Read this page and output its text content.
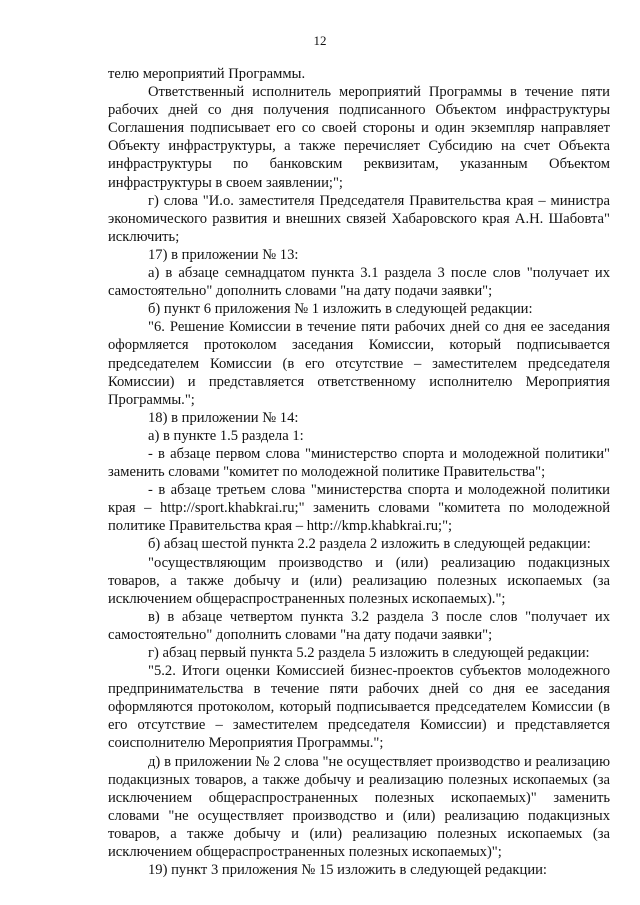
12

телю мероприятий Программы.

Ответственный исполнитель мероприятий Программы в течение пяти рабочих дней со дня получения подписанного Объектом инфраструктуры Соглашения подписывает его со своей стороны и один экземпляр направляет Объекту инфраструктуры, а также перечисляет Субсидию на счет Объекта инфраструктуры по банковским реквизитам, указанным Объектом инфраструктуры в своем заявлении;";

г) слова "И.о. заместителя Председателя Правительства края – министра экономического развития и внешних связей Хабаровского края А.Н. Шабовта" исключить;

17) в приложении № 13:

а) в абзаце семнадцатом пункта 3.1 раздела 3 после слов "получает их самостоятельно" дополнить словами "на дату подачи заявки";

б) пункт 6 приложения № 1 изложить в следующей редакции:

"6. Решение Комиссии в течение пяти рабочих дней со дня ее заседания оформляется протоколом заседания Комиссии, который подписывается председателем Комиссии (в его отсутствие – заместителем председателя Комиссии) и представляется ответственному исполнителю Мероприятия Программы.";

18) в приложении № 14:

а) в пункте 1.5 раздела 1:

- в абзаце первом слова "министерство спорта и молодежной политики" заменить словами "комитет по молодежной политике Правительства";

- в абзаце третьем слова "министерства спорта и молодежной политики края – http://sport.khabkrai.ru;" заменить словами "комитета по молодежной политике Правительства края – http://kmp.khabkrai.ru;";

б) абзац шестой пункта 2.2 раздела 2 изложить в следующей редакции:

"осуществляющим производство и (или) реализацию подакцизных товаров, а также добычу и (или) реализацию полезных ископаемых (за исключением общераспространенных полезных ископаемых).";

в) в абзаце четвертом пункта 3.2 раздела 3 после слов "получает их самостоятельно" дополнить словами "на дату подачи заявки";

г) абзац первый пункта 5.2 раздела 5 изложить в следующей редакции:

"5.2. Итоги оценки Комиссией бизнес-проектов субъектов молодежного предпринимательства в течение пяти рабочих дней со дня ее заседания оформляются протоколом, который подписывается председателем Комиссии (в его отсутствие – заместителем председателя Комиссии) и представляется соисполнителю Мероприятия Программы.";

д) в приложении № 2 слова "не осуществляет производство и реализацию подакцизных товаров, а также добычу и реализацию полезных ископаемых (за исключением общераспространенных полезных ископаемых)" заменить словами "не осуществляет производство и (или) реализацию подакцизных товаров, а также добычу и (или) реализацию полезных ископаемых (за исключением общераспространенных полезных ископаемых)";

19) пункт 3 приложения № 15 изложить в следующей редакции:
